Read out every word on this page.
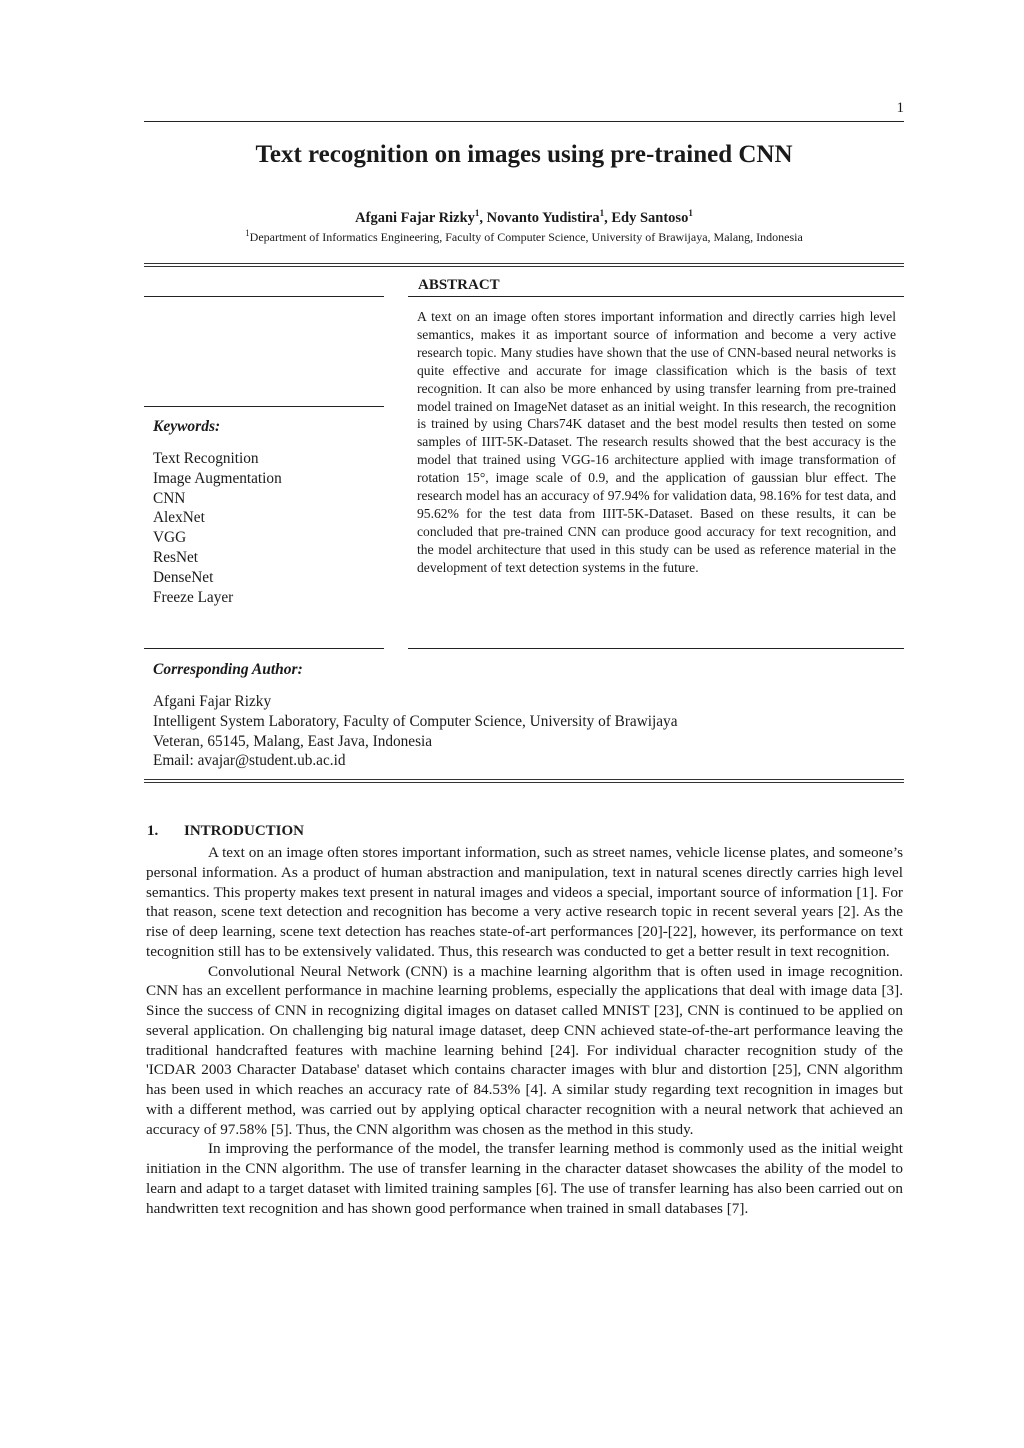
1
Text recognition on images using pre-trained CNN
Afgani Fajar Rizky$^1$, Novanto Yudistira$^1$, Edy Santoso$^1$
$^1$Department of Informatics Engineering, Faculty of Computer Science, University of Brawijaya, Malang, Indonesia
ABSTRACT

A text on an image often stores important information and directly carries high level semantics, makes it as important source of information and become a very active research topic. Many studies have shown that the use of CNN-based neural networks is quite effective and accurate for image classification which is the basis of text recognition. It can also be more enhanced by using transfer learning from pre-trained model trained on ImageNet dataset as an initial weight. In this research, the recognition is trained by using Chars74K dataset and the best model results then tested on some samples of IIIT-5K-Dataset. The research results showed that the best accuracy is the model that trained using VGG-16 architecture applied with image transformation of rotation 15°, image scale of 0.9, and the application of gaussian blur effect. The research model has an accuracy of 97.94% for validation data, 98.16% for test data, and 95.62% for the test data from IIIT-5K-Dataset. Based on these results, it can be concluded that pre-trained CNN can produce good accuracy for text recognition, and the model architecture that used in this study can be used as reference material in the development of text detection systems in the future.

Keywords:
Text Recognition
Image Augmentation
CNN
AlexNet
VGG
ResNet
DenseNet
Freeze Layer
Corresponding Author:
Afgani Fajar Rizky
Intelligent System Laboratory, Faculty of Computer Science, University of Brawijaya
Veteran, 65145, Malang, East Java, Indonesia
Email: avajar@student.ub.ac.id
1. INTRODUCTION

A text on an image often stores important information, such as street names, vehicle license plates, and someone’s personal information. As a product of human abstraction and manipulation, text in natural scenes directly carries high level semantics. This property makes text present in natural images and videos a special, important source of information [1]. For that reason, scene text detection and recognition has become a very active research topic in recent several years [2]. As the rise of deep learning, scene text detection has reaches state-of-art performances [20]-[22], however, its performance on text tecognition still has to be extensively validated. Thus, this research was conducted to get a better result in text recognition.

Convolutional Neural Network (CNN) is a machine learning algorithm that is often used in image recognition. CNN has an excellent performance in machine learning problems, especially the applications that deal with image data [3]. Since the success of CNN in recognizing digital images on dataset called MNIST [23], CNN is continued to be applied on several application. On challenging big natural image dataset, deep CNN achieved state-of-the-art performance leaving the traditional handcrafted features with machine learning behind [24]. For individual character recognition study of the 'ICDAR 2003 Character Database' dataset which contains character images with blur and distortion [25], CNN algorithm has been used in which reaches an accuracy rate of 84.53% [4]. A similar study regarding text recognition in images but with a different method, was carried out by applying optical character recognition with a neural network that achieved an accuracy of 97.58% [5]. Thus, the CNN algorithm was chosen as the method in this study.

In improving the performance of the model, the transfer learning method is commonly used as the initial weight initiation in the CNN algorithm. The use of transfer learning in the character dataset showcases the ability of the model to learn and adapt to a target dataset with limited training samples [6]. The use of transfer learning has also been carried out on handwritten text recognition and has shown good performance when trained in small databases [7].
